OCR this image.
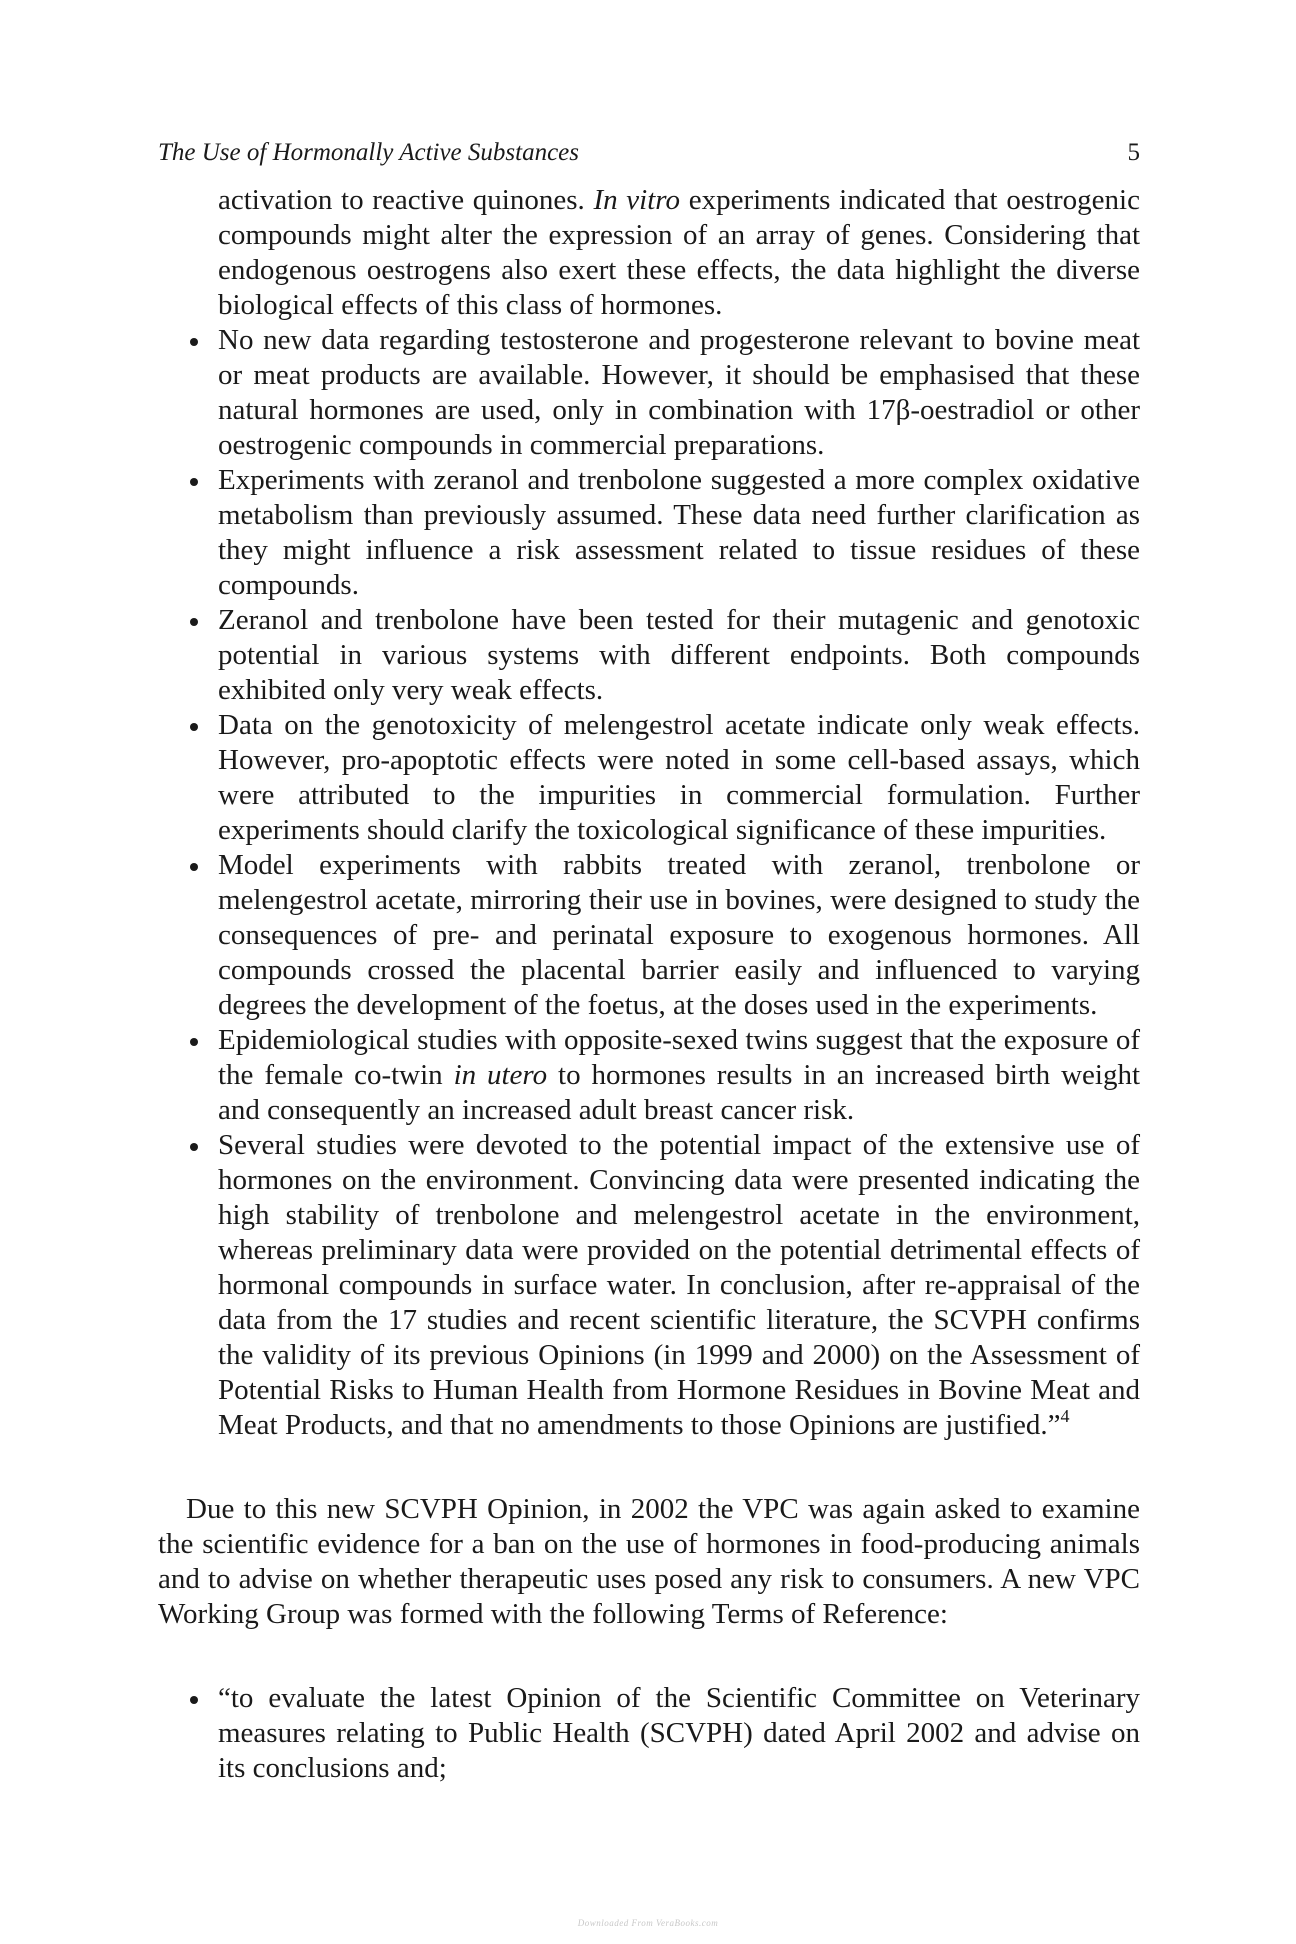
The Use of Hormonally Active Substances	5

activation to reactive quinones. In vitro experiments indicated that oestrogenic compounds might alter the expression of an array of genes. Considering that endogenous oestrogens also exert these effects, the data highlight the diverse biological effects of this class of hormones.

No new data regarding testosterone and progesterone relevant to bovine meat or meat products are available. However, it should be emphasised that these natural hormones are used, only in combination with 17β-oestradiol or other oestrogenic compounds in commercial preparations.
Experiments with zeranol and trenbolone suggested a more complex oxidative metabolism than previously assumed. These data need further clarification as they might influence a risk assessment related to tissue residues of these compounds.
Zeranol and trenbolone have been tested for their mutagenic and genotoxic potential in various systems with different endpoints. Both compounds exhibited only very weak effects.
Data on the genotoxicity of melengestrol acetate indicate only weak effects. However, pro-apoptotic effects were noted in some cell-based assays, which were attributed to the impurities in commercial formulation. Further experiments should clarify the toxicological significance of these impurities.
Model experiments with rabbits treated with zeranol, trenbolone or melengestrol acetate, mirroring their use in bovines, were designed to study the consequences of pre- and perinatal exposure to exogenous hormones. All compounds crossed the placental barrier easily and influenced to varying degrees the development of the foetus, at the doses used in the experiments.
Epidemiological studies with opposite-sexed twins suggest that the exposure of the female co-twin in utero to hormones results in an increased birth weight and consequently an increased adult breast cancer risk.
Several studies were devoted to the potential impact of the extensive use of hormones on the environment. Convincing data were presented indicating the high stability of trenbolone and melengestrol acetate in the environment, whereas preliminary data were provided on the potential detrimental effects of hormonal compounds in surface water. In conclusion, after re-appraisal of the data from the 17 studies and recent scientific literature, the SCVPH confirms the validity of its previous Opinions (in 1999 and 2000) on the Assessment of Potential Risks to Human Health from Hormone Residues in Bovine Meat and Meat Products, and that no amendments to those Opinions are justified.”$^4$

Due to this new SCVPH Opinion, in 2002 the VPC was again asked to examine the scientific evidence for a ban on the use of hormones in food-producing animals and to advise on whether therapeutic uses posed any risk to consumers. A new VPC Working Group was formed with the following Terms of Reference:

“to evaluate the latest Opinion of the Scientific Committee on Veterinary measures relating to Public Health (SCVPH) dated April 2002 and advise on its conclusions and;
Downloaded From VeraBooks.com
